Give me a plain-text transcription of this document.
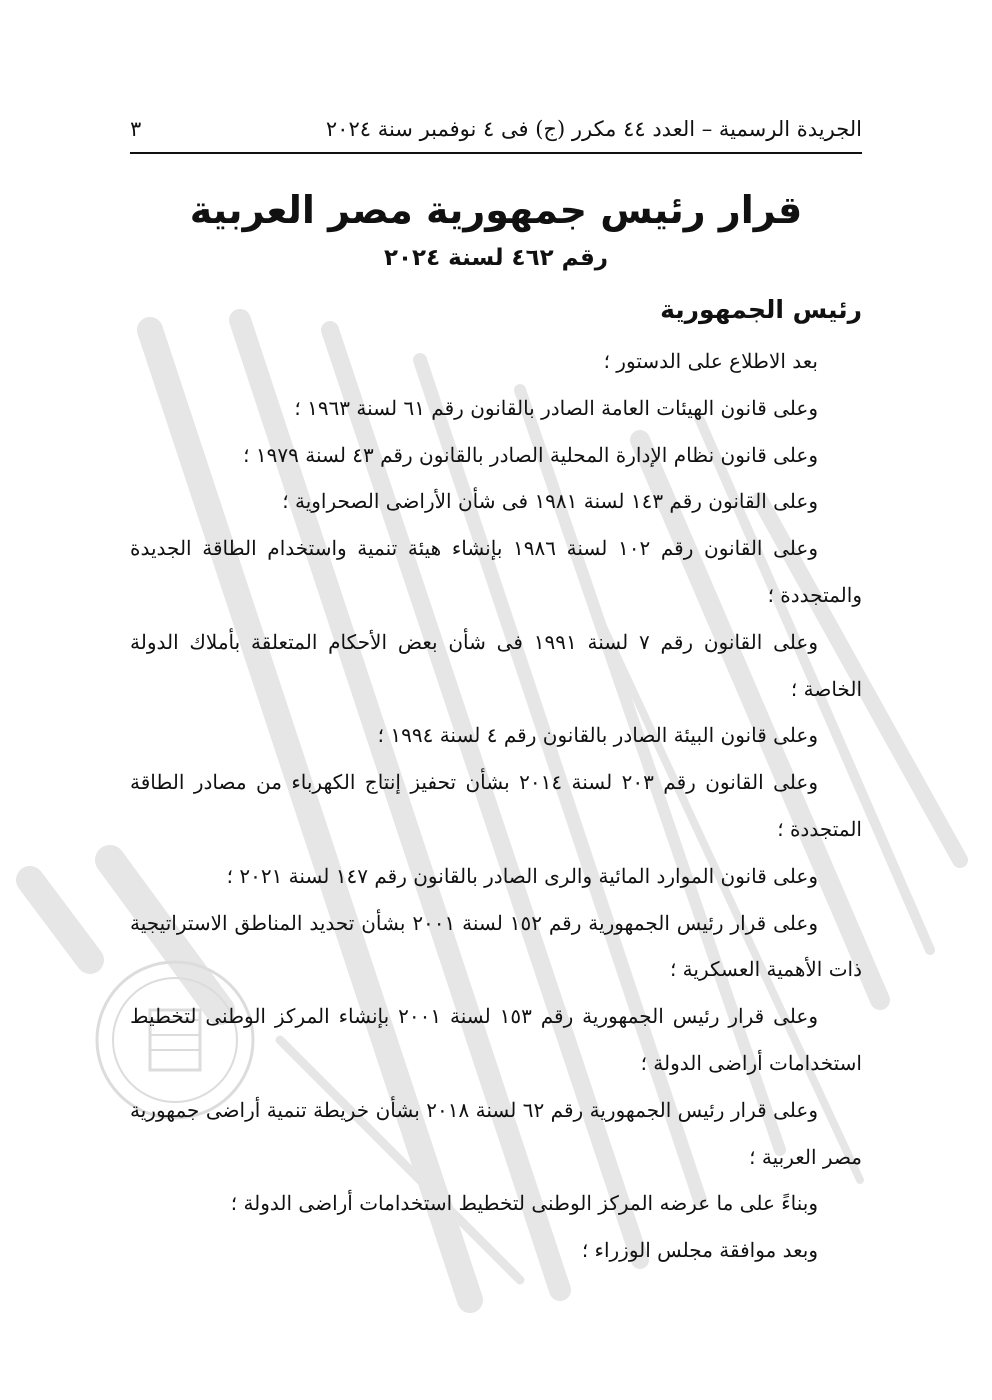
الجريدة الرسمية – العدد ٤٤ مكرر (ج) فى ٤ نوفمبر سنة ٢٠٢٤
٣
قرار رئيس جمهورية مصر العربية
رقم ٤٦٢ لسنة ٢٠٢٤
رئيس الجمهورية

بعد الاطلاع على الدستور ؛

وعلى قانون الهيئات العامة الصادر بالقانون رقم ٦١ لسنة ١٩٦٣ ؛

وعلى قانون نظام الإدارة المحلية الصادر بالقانون رقم ٤٣ لسنة ١٩٧٩ ؛

وعلى القانون رقم ١٤٣ لسنة ١٩٨١ فى شأن الأراضى الصحراوية ؛

وعلى القانون رقم ١٠٢ لسنة ١٩٨٦ بإنشاء هيئة تنمية واستخدام الطاقة الجديدة والمتجددة ؛

وعلى القانون رقم ٧ لسنة ١٩٩١ فى شأن بعض الأحكام المتعلقة بأملاك الدولة الخاصة ؛

وعلى قانون البيئة الصادر بالقانون رقم ٤ لسنة ١٩٩٤ ؛

وعلى القانون رقم ٢٠٣ لسنة ٢٠١٤ بشأن تحفيز إنتاج الكهرباء من مصادر الطاقة المتجددة ؛

وعلى قانون الموارد المائية والرى الصادر بالقانون رقم ١٤٧ لسنة ٢٠٢١ ؛

وعلى قرار رئيس الجمهورية رقم ١٥٢ لسنة ٢٠٠١ بشأن تحديد المناطق الاستراتيجية ذات الأهمية العسكرية ؛

وعلى قرار رئيس الجمهورية رقم ١٥٣ لسنة ٢٠٠١ بإنشاء المركز الوطنى لتخطيط استخدامات أراضى الدولة ؛

وعلى قرار رئيس الجمهورية رقم ٦٢ لسنة ٢٠١٨ بشأن خريطة تنمية أراضى جمهورية مصر العربية ؛

وبناءً على ما عرضه المركز الوطنى لتخطيط استخدامات أراضى الدولة ؛

وبعد موافقة مجلس الوزراء ؛
